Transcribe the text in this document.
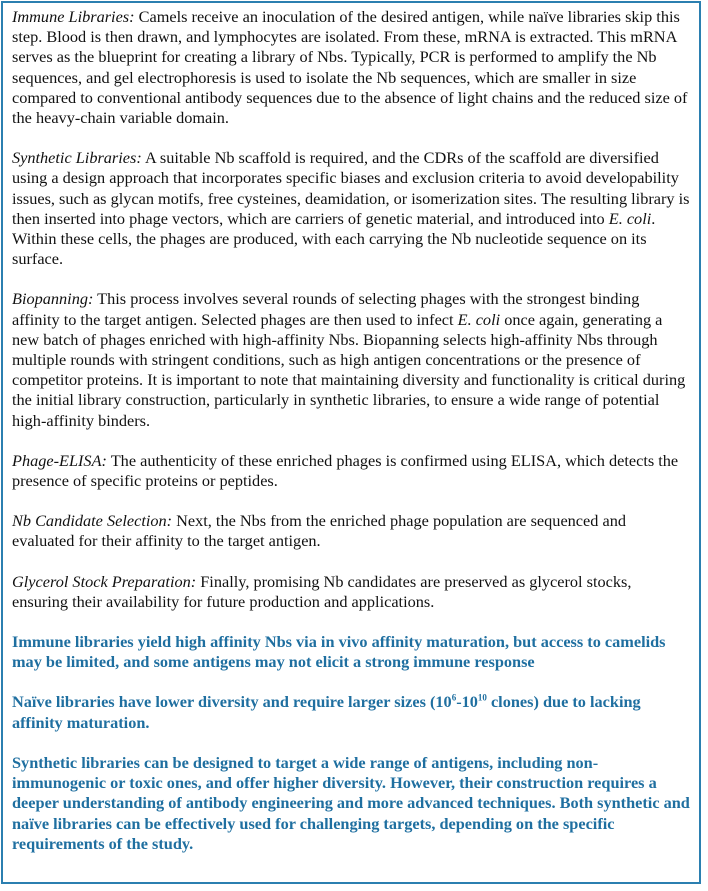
Immune Libraries: Camels receive an inoculation of the desired antigen, while naïve libraries skip this step. Blood is then drawn, and lymphocytes are isolated. From these, mRNA is extracted. This mRNA serves as the blueprint for creating a library of Nbs. Typically, PCR is performed to amplify the Nb sequences, and gel electrophoresis is used to isolate the Nb sequences, which are smaller in size compared to conventional antibody sequences due to the absence of light chains and the reduced size of the heavy-chain variable domain.

Synthetic Libraries: A suitable Nb scaffold is required, and the CDRs of the scaffold are diversified using a design approach that incorporates specific biases and exclusion criteria to avoid developability issues, such as glycan motifs, free cysteines, deamidation, or isomerization sites. The resulting library is then inserted into phage vectors, which are carriers of genetic material, and introduced into E. coli. Within these cells, the phages are produced, with each carrying the Nb nucleotide sequence on its surface.

Biopanning: This process involves several rounds of selecting phages with the strongest binding affinity to the target antigen. Selected phages are then used to infect E. coli once again, generating a new batch of phages enriched with high-affinity Nbs. Biopanning selects high-affinity Nbs through multiple rounds with stringent conditions, such as high antigen concentrations or the presence of competitor proteins. It is important to note that maintaining diversity and functionality is critical during the initial library construction, particularly in synthetic libraries, to ensure a wide range of potential high-affinity binders.

Phage-ELISA: The authenticity of these enriched phages is confirmed using ELISA, which detects the presence of specific proteins or peptides.

Nb Candidate Selection: Next, the Nbs from the enriched phage population are sequenced and evaluated for their affinity to the target antigen.

Glycerol Stock Preparation: Finally, promising Nb candidates are preserved as glycerol stocks, ensuring their availability for future production and applications.

Immune libraries yield high affinity Nbs via in vivo affinity maturation, but access to camelids may be limited, and some antigens may not elicit a strong immune response

Naïve libraries have lower diversity and require larger sizes ($10^6-10^{10}$ clones) due to lacking affinity maturation.

Synthetic libraries can be designed to target a wide range of antigens, including non-immunogenic or toxic ones, and offer higher diversity. However, their construction requires a deeper understanding of antibody engineering and more advanced techniques. Both synthetic and naïve libraries can be effectively used for challenging targets, depending on the specific requirements of the study.
